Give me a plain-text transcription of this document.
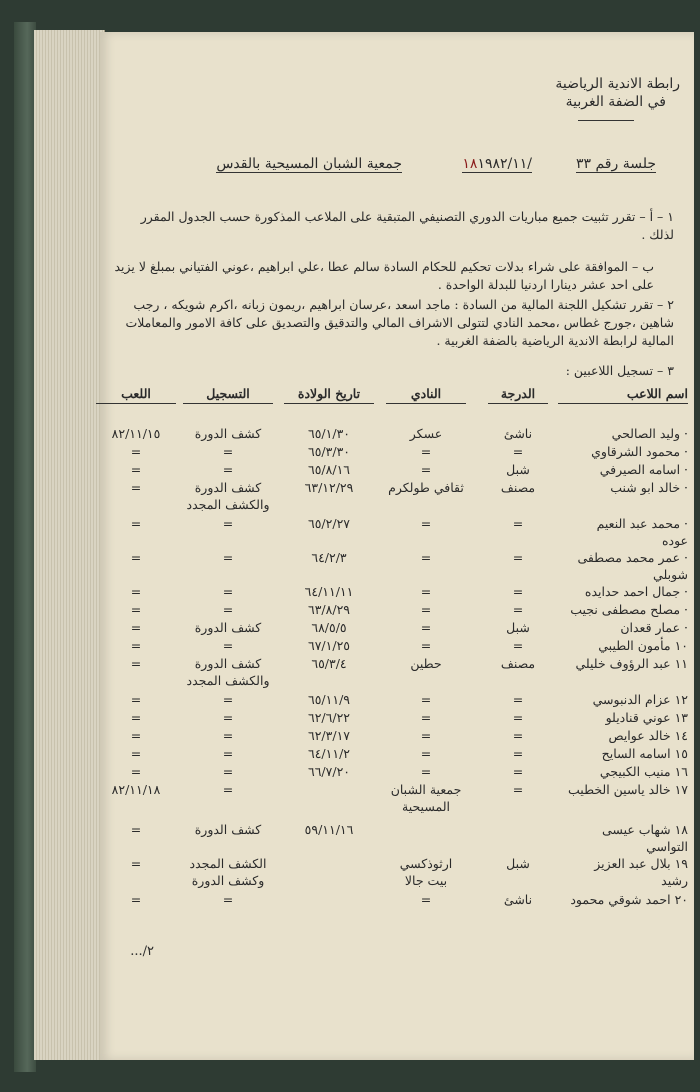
رابطة الاندية الرياضية
في الضفة الغربية
جلسة رقم ٣٣
١٨١٩٨٢/١١/
جمعية الشبان المسيحية بالقدس
١ – أ – تقرر تثبيت جميع مباريات الدوري التصنيفي المتبقية على الملاعب المذكورة حسب الجدول المقرر لذلك .
ب – الموافقة على شراء بدلات تحكيم للحكام السادة سالم عطا ،علي ابراهيم ،عوني الفتياني بمبلغ لا يزيد على احد عشر دينارا اردنيا للبدلة الواحدة .
٢ – تقرر تشكيل اللجنة المالية من السادة : ماجد اسعد ،عرسان ابراهيم ،ريمون زبانه ،اكرم شويكه ، رجب شاهين ،جورج غطاس ،محمد النادي لتتولى الاشراف المالي والتدقيق والتصديق على كافة الامور والمعاملات المالية لرابطة الاندية الرياضية بالضفة الغربية .
٣ – تسجيل اللاعبين :
اسم اللاعب
الدرجة
النادي
تاريخ الولادة
التسجيل
اللعب
· وليد الصالحي
ناشئ
عسكر
٦٥/١/٣٠
كشف الدورة
٨٢/١١/١٥
· محمود الشرقاوي
=
=
٦٥/٣/٣٠
=
=
· اسامه الصيرفي
شبل
=
٦٥/٨/١٦
=
=
· خالد ابو شنب
مصنف
ثقافي طولكرم
٦٣/١٢/٢٩
كشف الدورة
والكشف المجدد
=
· محمد عبد النعيم
عوده
=
=
٦٥/٢/٢٧
=
=
· عمر محمد مصطفى
شوبلي
=
=
٦٤/٢/٣
=
=
· جمال احمد حدايده
=
=
٦٤/١١/١١
=
=
· مصلح مصطفى نجيب
=
=
٦٣/٨/٢٩
=
=
· عمار قعدان
شبل
=
٦٨/٥/٥
كشف الدورة
=
١٠ مأمون الطيبي
=
=
٦٧/١/٢٥
=
=
١١ عبد الرؤوف خليلي
مصنف
حطين
٦٥/٣/٤
كشف الدورة
والكشف المجدد
=
١٢ عزام الدنبوسي
=
=
٦٥/١١/٩
=
=
١٣ عوني قناديلو
=
=
٦٢/٦/٢٢
=
=
١٤ خالد عوايص
=
=
٦٢/٣/١٧
=
=
١٥ اسامه السايح
=
=
٦٤/١١/٢
=
=
١٦ منيب الكبيجي
=
=
٦٦/٧/٢٠
=
=
١٧ خالد ياسين الخطيب
=
جمعية الشبان
المسيحية
=
٨٢/١١/١٨
١٨ شهاب عيسى
التواسي
٥٩/١١/١٦
كشف الدورة
=
١٩ بلال عبد العزيز
رشيد
شبل
ارثوذكسي
بيت جالا
الكشف المجدد
وكشف الدورة
=
٢٠ احمد شوقي محمود
ناشئ
=
=
=
٢/...
